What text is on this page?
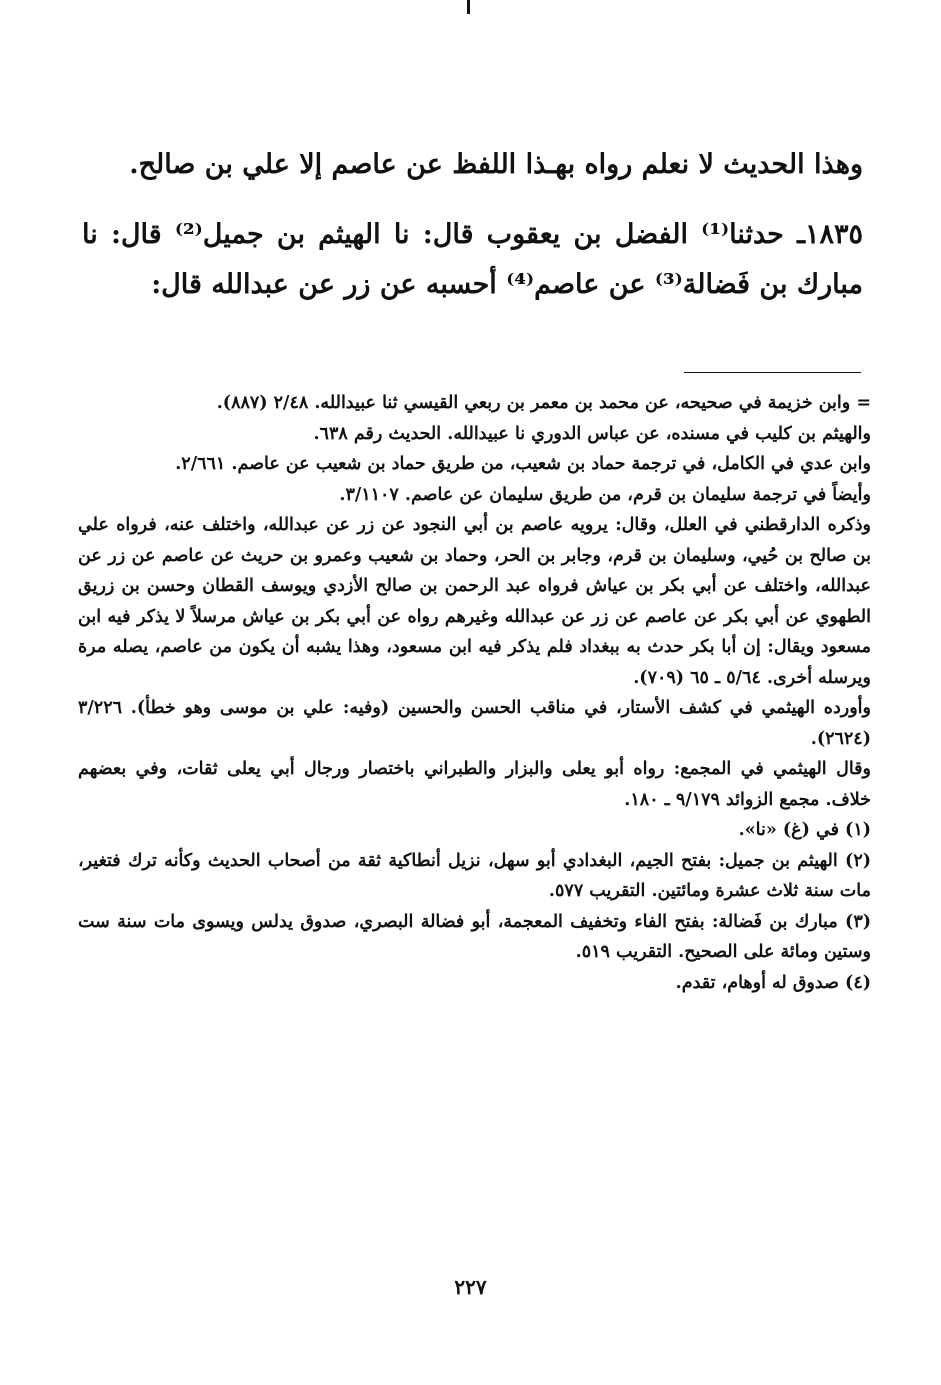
وهذا الحديث لا نعلم رواه بهـذا اللفظ عن عاصم إلا علي بن صالح.

١٨٣٥ـ حدثنا⁽¹⁾ الفضل بن يعقوب قال: نا الهيثم بن جميل⁽²⁾ قال: نا مبارك بن فَضالة⁽³⁾ عن عاصم⁽⁴⁾ أحسبه عن زر عن عبدالله قال:

= وابن خزيمة في صحيحه، عن محمد بن معمر بن ربعي القيسي ثنا عبيدالله. ٢/٤٨ (٨٨٧).

والهيثم بن كليب في مسنده، عن عباس الدوري نا عبيدالله. الحديث رقم ٦٣٨.

وابن عدي في الكامل، في ترجمة حماد بن شعيب، من طريق حماد بن شعيب عن عاصم. ٢/٦٦١.

وأيضاً في ترجمة سليمان بن قرم، من طريق سليمان عن عاصم. ٣/١١٠٧.

وذكره الدارقطني في العلل، وقال: يرويه عاصم بن أبي النجود عن زر عن عبدالله، واختلف عنه، فرواه علي بن صالح بن حُيي، وسليمان بن قرم، وجابر بن الحر، وحماد بن شعيب وعمرو بن حريث عن عاصم عن زر عن عبدالله، واختلف عن أبي بكر بن عياش فرواه عبد الرحمن بن صالح الأزدي ويوسف القطان وحسن بن زريق الطهوي عن أبي بكر عن عاصم عن زر عن عبدالله وغيرهم رواه عن أبي بكر بن عياش مرسلاً لا يذكر فيه ابن مسعود ويقال: إن أبا بكر حدث به ببغداد فلم يذكر فيه ابن مسعود، وهذا يشبه أن يكون من عاصم، يصله مرة ويرسله أخرى. ٥/٦٤ ـ ٦٥ (٧٠٩).

وأورده الهيثمي في كشف الأستار، في مناقب الحسن والحسين (وفيه: علي بن موسى وهو خطأ). ٣/٢٢٦ (٢٦٢٤).

وقال الهيثمي في المجمع: رواه أبو يعلى والبزار والطبراني باختصار ورجال أبي يعلى ثقات، وفي بعضهم خلاف. مجمع الزوائد ٩/١٧٩ ـ ١٨٠.

(١) في (غ) «نا».

(٢) الهيثم بن جميل: بفتح الجيم، البغدادي أبو سهل، نزيل أنطاكية ثقة من أصحاب الحديث وكأنه ترك فتغير، مات سنة ثلاث عشرة ومائتين. التقريب ٥٧٧.

(٣) مبارك بن فَضالة: بفتح الفاء وتخفيف المعجمة، أبو فضالة البصري، صدوق يدلس ويسوى مات سنة ست وستين ومائة على الصحيح. التقريب ٥١٩.

(٤) صدوق له أوهام، تقدم.

٢٢٧
